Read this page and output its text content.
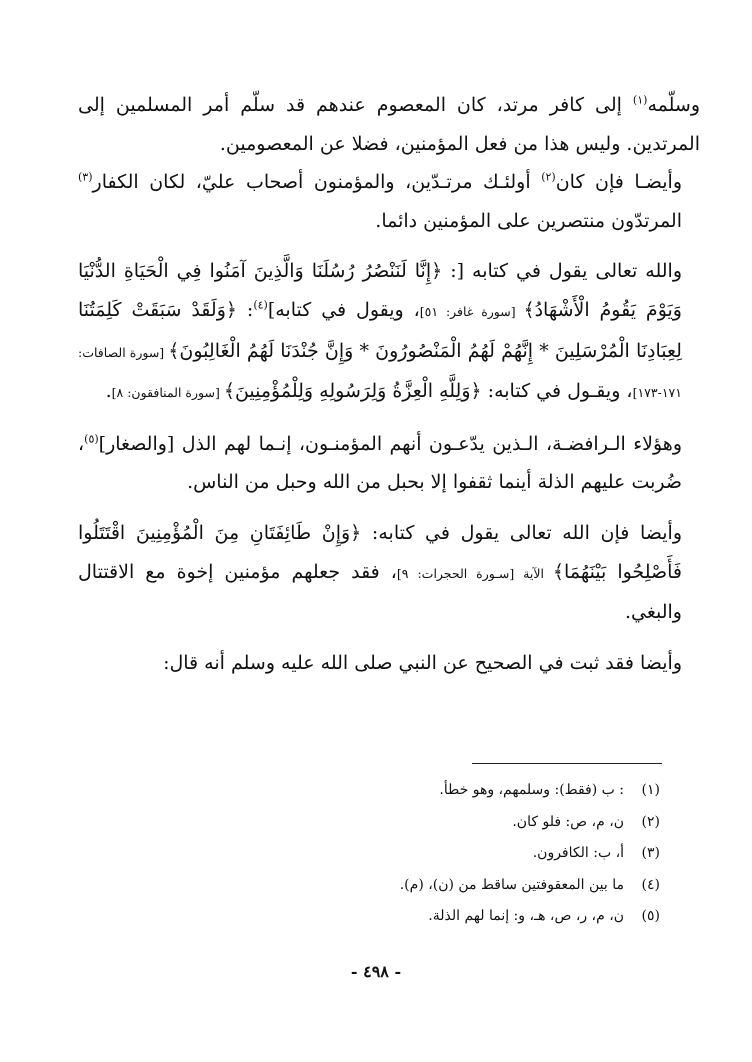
وسلّمه$^{(١)}$ إلى كافر مرتد، كان المعصوم عندهم قد سلّم أمر المسلمين إلى المرتدين. وليس هذا من فعل المؤمنين، فضلا عن المعصومين.

وأيضـا فإن كان$^{(٢)}$ أولئـك مرتـدّين، والمؤمنون أصحاب عليّ، لكان الكفار$^{(٣)}$ المرتدّون منتصرين على المؤمنين دائما.

والله تعالى يقول في كتابه [: ﴿إِنَّا لَنَنْصُرُ رُسُلَنَا وَالَّذِينَ آمَنُوا فِي الْحَيَاةِ الدُّنْيَا وَيَوْمَ يَقُومُ الْأَشْهَادُ﴾ [سورة غافر: ٥١]، ويقول في كتابه]$^{(٤)}$: ﴿وَلَقَدْ سَبَقَتْ كَلِمَتُنَا لِعِبَادِنَا الْمُرْسَلِينَ * إِنَّهُمْ لَهُمُ الْمَنْصُورُونَ * وَإِنَّ جُنْدَنَا لَهُمُ الْغَالِبُونَ﴾ [سورة الصافات: ١٧١-١٧٣]، ويقـول في كتابه: ﴿وَلِلَّهِ الْعِزَّةُ وَلِرَسُولِهِ وَلِلْمُؤْمِنِينَ﴾ [سورة المنافقون: ٨].

وهؤلاء الـرافضـة، الـذين يدّعـون أنهم المؤمنـون، إنـما لهم الذل [والصغار]$^{(٥)}$، ضُربت عليهم الذلة أينما ثقفوا إلا بحبل من الله وحبل من الناس.

وأيضا فإن الله تعالى يقول في كتابه: ﴿وَإِنْ طَائِفَتَانِ مِنَ الْمُؤْمِنِينَ اقْتَتَلُوا فَأَصْلِحُوا بَيْنَهُمَا﴾ الآية [سـورة الحجرات: ٩]، فقد جعلهم مؤمنين إخوة مع الاقتتال والبغي.

وأيضا فقد ثبت في الصحيح عن النبي صلى الله عليه وسلم أنه قال:

(١)
: ب (فقط): وسلمهم، وهو خطأ.
(٢)
ن، م، ص: فلو كان.
(٣)
أ، ب: الكافرون.
(٤)
ما بين المعقوفتين ساقط من (ن)، (م).
(٥)
ن، م، ر، ص، هـ، و: إنما لهم الذلة.
- ٤٩٨ -
